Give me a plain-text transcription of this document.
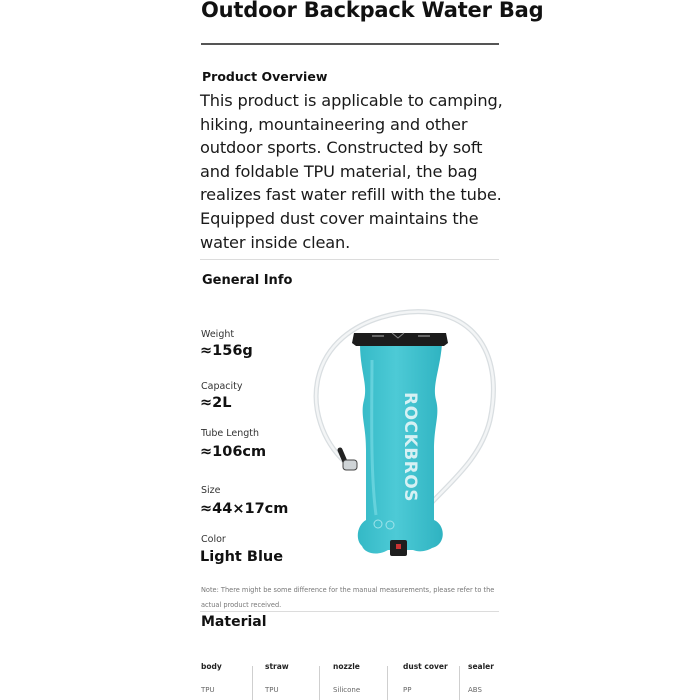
Outdoor Backpack Water Bag
Product Overview
This product is applicable to camping,
hiking, mountaineering and other
outdoor sports. Constructed by soft
and foldable TPU material, the bag
realizes fast water refill with the tube.
Equipped dust cover maintains the
water inside clean.
General Info
Weight
≈156g
Capacity
≈2L
Tube Length
≈106cm
Size
≈44×17cm
Color
Light Blue
Note: There might be some difference for the manual measurements, please refer to the
actual product received.
Material
body
TPU
straw
TPU
nozzle
Silicone
dust cover
PP
sealer
ABS
ROCKBROS
